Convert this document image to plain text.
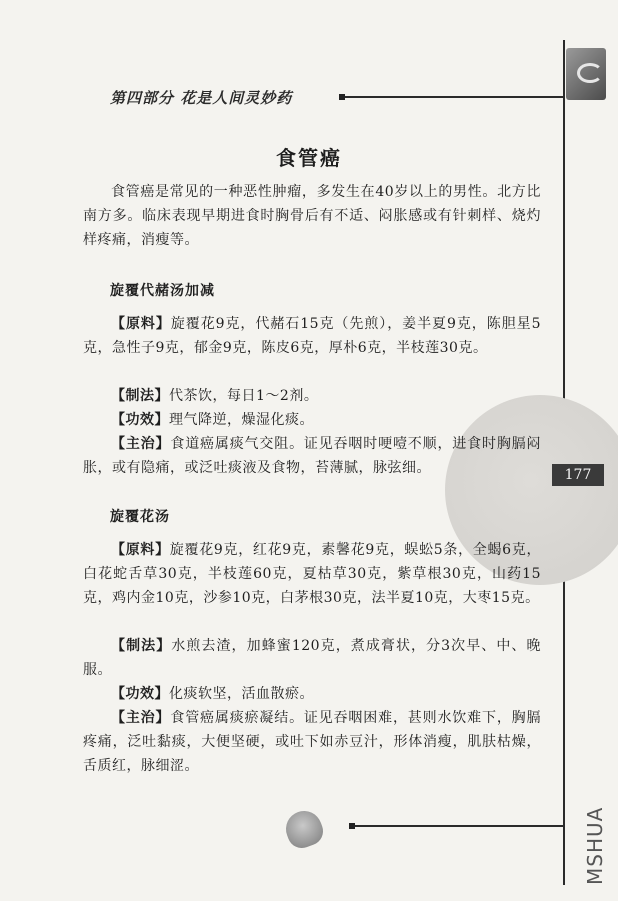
第四部分 花是人间灵妙药
177
食管癌
食管癌是常见的一种恶性肿瘤，多发生在40岁以上的男性。北方比南方多。临床表现早期进食时胸骨后有不适、闷胀感或有针刺样、烧灼样疼痛，消瘦等。
旋覆代赭汤加减
【原料】旋覆花9克，代赭石15克（先煎），姜半夏9克，陈胆星5克，急性子9克，郁金9克，陈皮6克，厚朴6克，半枝莲30克。
【制法】代茶饮，每日1～2剂。
【功效】理气降逆，燥湿化痰。
【主治】食道癌属痰气交阻。证见吞咽时哽噎不顺，进食时胸膈闷胀，或有隐痛，或泛吐痰液及食物，苔薄腻，脉弦细。
旋覆花汤
【原料】旋覆花9克，红花9克，素馨花9克，蜈蚣5条，全蝎6克，白花蛇舌草30克，半枝莲60克，夏枯草30克，紫草根30克，山药15克，鸡内金10克，沙参10克，白茅根30克，法半夏10克，大枣15克。
【制法】水煎去渣，加蜂蜜120克，煮成膏状，分3次早、中、晚服。
【功效】化痰软坚，活血散瘀。
【主治】食管癌属痰瘀凝结。证见吞咽困难，甚则水饮难下，胸膈疼痛，泛吐黏痰，大便坚硬，或吐下如赤豆汁，形体消瘦，肌肤枯燥，舌质红，脉细涩。
MSHUA
